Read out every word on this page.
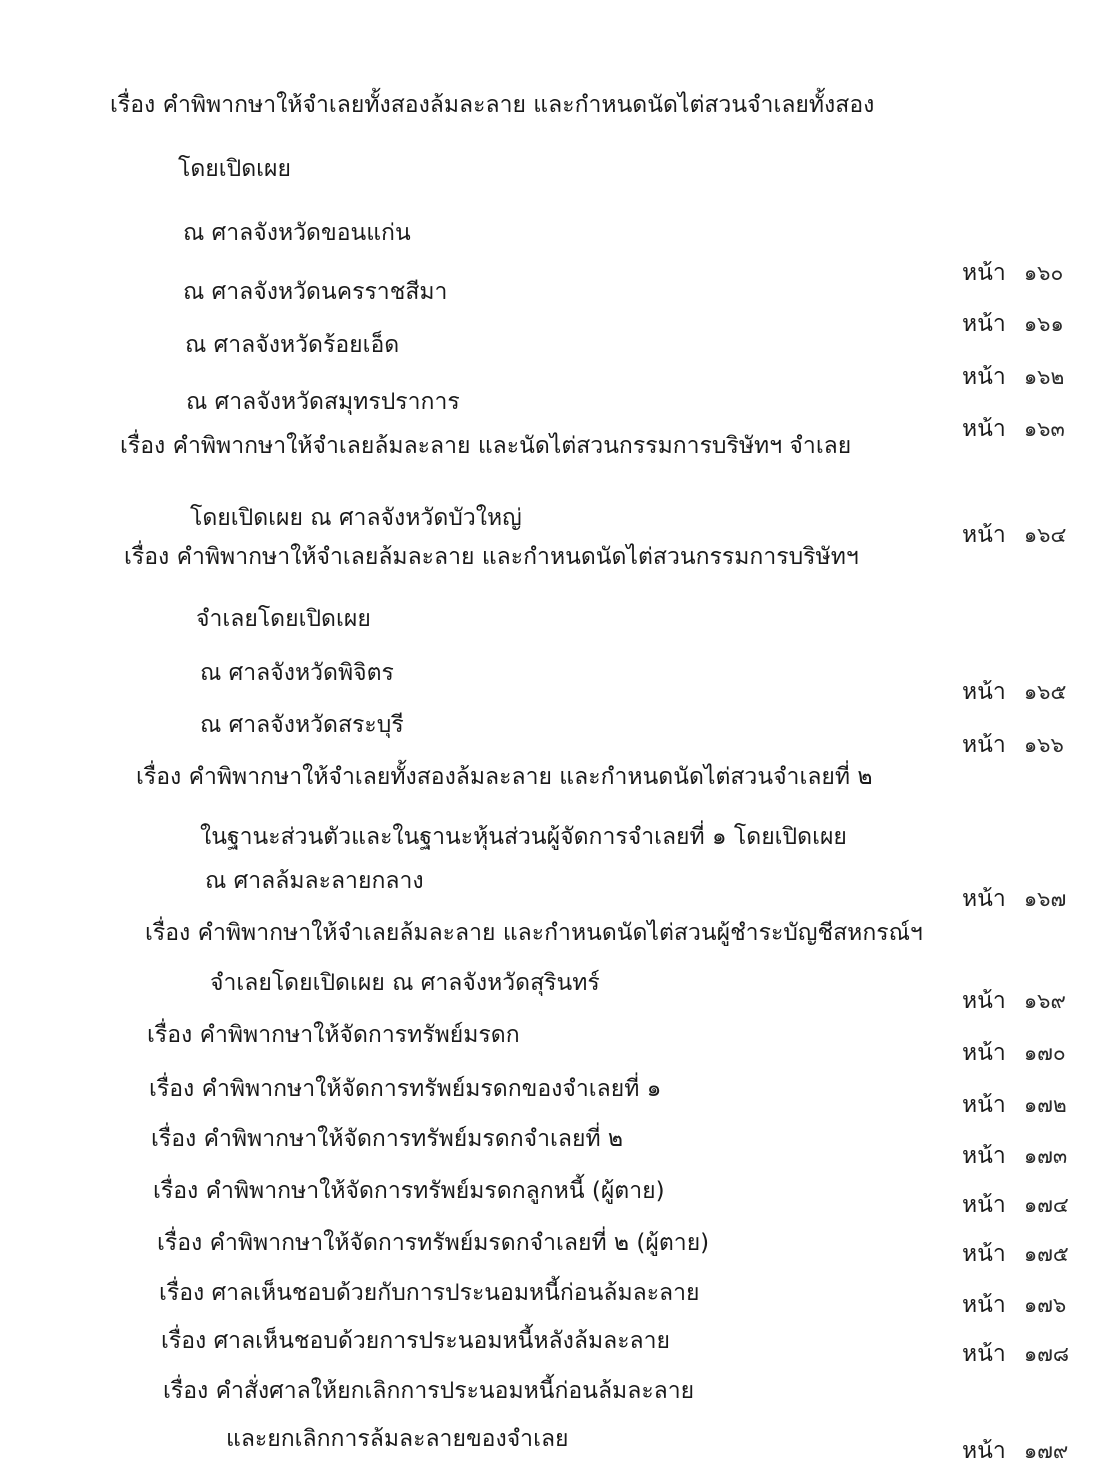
เรื่อง คำพิพากษาให้จำเลยทั้งสองล้มละลาย และกำหนดนัดไต่สวนจำเลยทั้งสอง
โดยเปิดเผย
ณ ศาลจังหวัดขอนแก่น
ณ ศาลจังหวัดนครราชสีมา
ณ ศาลจังหวัดร้อยเอ็ด
ณ ศาลจังหวัดสมุทรปราการ
เรื่อง คำพิพากษาให้จำเลยล้มละลาย และนัดไต่สวนกรรมการบริษัทฯ จำเลย
โดยเปิดเผย ณ ศาลจังหวัดบัวใหญ่
เรื่อง คำพิพากษาให้จำเลยล้มละลาย และกำหนดนัดไต่สวนกรรมการบริษัทฯ
จำเลยโดยเปิดเผย
ณ ศาลจังหวัดพิจิตร
ณ ศาลจังหวัดสระบุรี
เรื่อง คำพิพากษาให้จำเลยทั้งสองล้มละลาย และกำหนดนัดไต่สวนจำเลยที่ ๒
ในฐานะส่วนตัวและในฐานะหุ้นส่วนผู้จัดการจำเลยที่ ๑ โดยเปิดเผย
ณ ศาลล้มละลายกลาง
เรื่อง คำพิพากษาให้จำเลยล้มละลาย และกำหนดนัดไต่สวนผู้ชำระบัญชีสหกรณ์ฯ
จำเลยโดยเปิดเผย ณ ศาลจังหวัดสุรินทร์
เรื่อง คำพิพากษาให้จัดการทรัพย์มรดก
เรื่อง คำพิพากษาให้จัดการทรัพย์มรดกของจำเลยที่ ๑
เรื่อง คำพิพากษาให้จัดการทรัพย์มรดกจำเลยที่ ๒
เรื่อง คำพิพากษาให้จัดการทรัพย์มรดกลูกหนี้ (ผู้ตาย)
เรื่อง คำพิพากษาให้จัดการทรัพย์มรดกจำเลยที่ ๒ (ผู้ตาย)
เรื่อง ศาลเห็นชอบด้วยกับการประนอมหนี้ก่อนล้มละลาย
เรื่อง ศาลเห็นชอบด้วยการประนอมหนี้หลังล้มละลาย
เรื่อง คำสั่งศาลให้ยกเลิกการประนอมหนี้ก่อนล้มละลาย
และยกเลิกการล้มละลายของจำเลย
หน้า ๑๖๐
หน้า ๑๖๑
หน้า ๑๖๒
หน้า ๑๖๓
หน้า ๑๖๔
หน้า ๑๖๕
หน้า ๑๖๖
หน้า ๑๖๗
หน้า ๑๖๙
หน้า ๑๗๐
หน้า ๑๗๒
หน้า ๑๗๓
หน้า ๑๗๔
หน้า ๑๗๕
หน้า ๑๗๖
หน้า ๑๗๘
หน้า ๑๗๙
